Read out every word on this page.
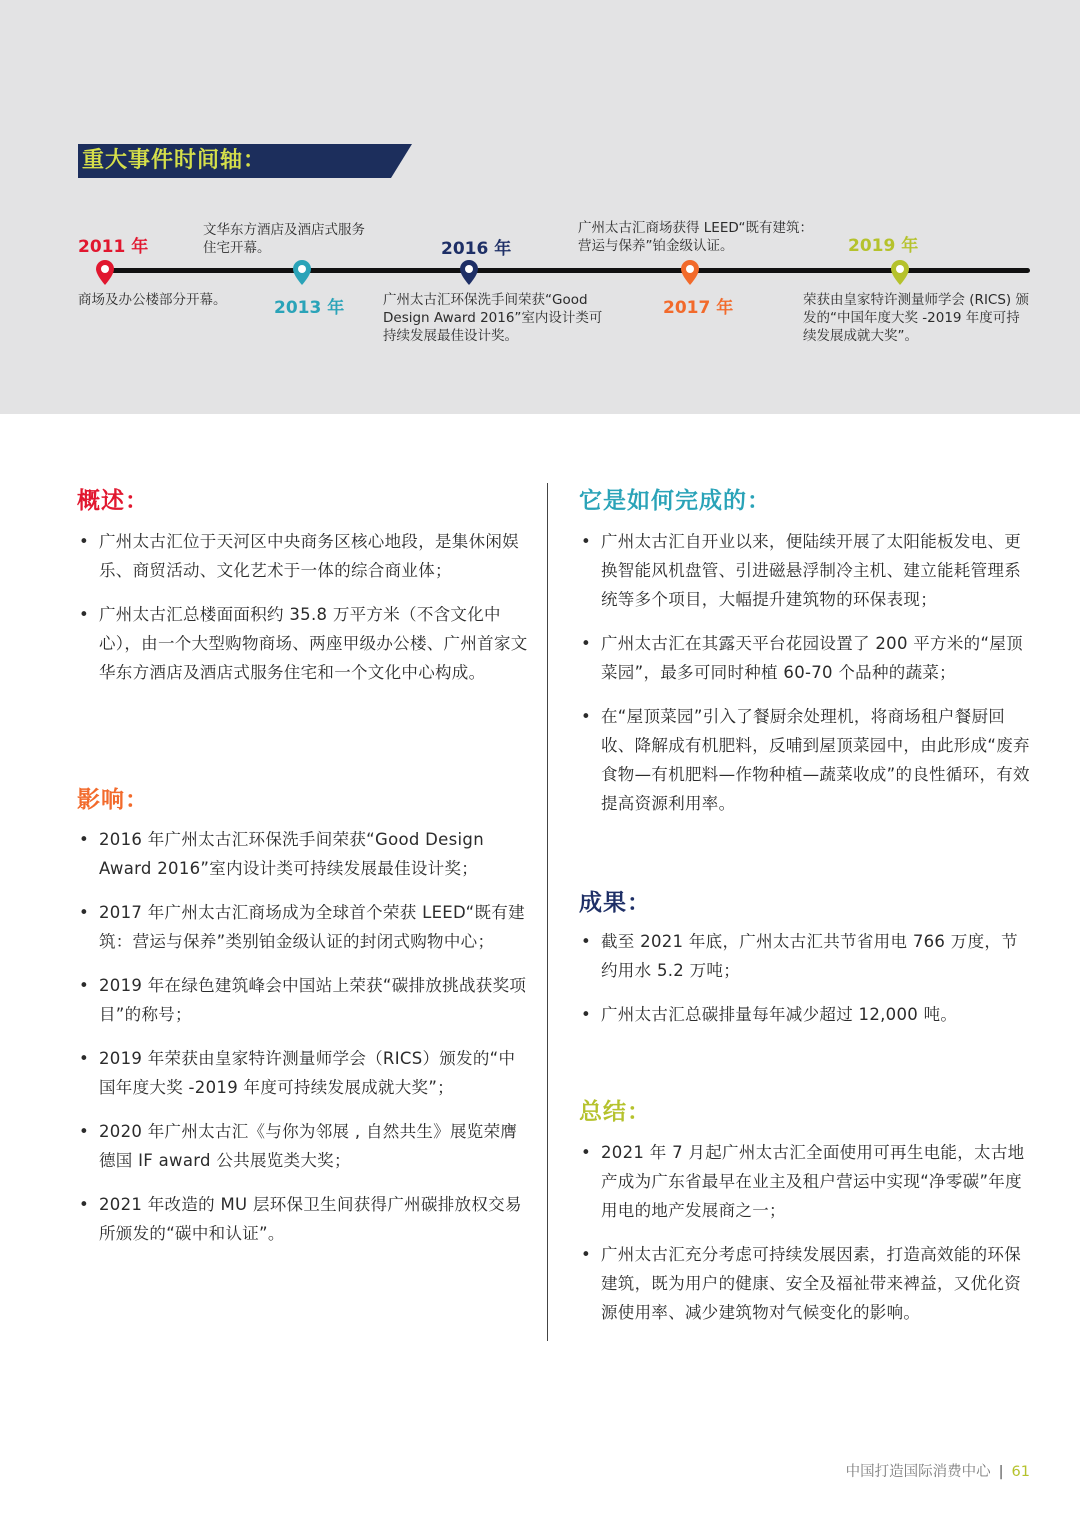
重大事件时间轴：
2011 年
商场及办公楼部分开幕。
文华东方酒店及酒店式服务住宅开幕。
2013 年
2016 年
广州太古汇环保洗手间荣获“Good Design Award 2016”室内设计类可持续发展最佳设计奖。
广州太古汇商场获得 LEED“既有建筑：营运与保养”铂金级认证。
2017 年
2019 年
荣获由皇家特许测量师学会 (RICS) 颁发的“中国年度大奖 -2019 年度可持续发展成就大奖”。
概述：
• 广州太古汇位于天河区中央商务区核心地段，是集休闲娱乐、商贸活动、文化艺术于一体的综合商业体；
• 广州太古汇总楼面面积约 35.8 万平方米（不含文化中心），由一个大型购物商场、两座甲级办公楼、广州首家文华东方酒店及酒店式服务住宅和一个文化中心构成。
影响：
• 2016 年广州太古汇环保洗手间荣获“Good Design Award 2016”室内设计类可持续发展最佳设计奖；
• 2017 年广州太古汇商场成为全球首个荣获 LEED“既有建筑：营运与保养”类别铂金级认证的封闭式购物中心；
• 2019 年在绿色建筑峰会中国站上荣获“碳排放挑战获奖项目”的称号；
• 2019 年荣获由皇家特许测量师学会（RICS）颁发的“中国年度大奖 -2019 年度可持续发展成就大奖”；
• 2020 年广州太古汇《与你为邻展 , 自然共生》展览荣膺德国 IF award 公共展览类大奖；
• 2021 年改造的 MU 层环保卫生间获得广州碳排放权交易所颁发的“碳中和认证”。
它是如何完成的：
• 广州太古汇自开业以来，便陆续开展了太阳能板发电、更换智能风机盘管、引进磁悬浮制冷主机、建立能耗管理系统等多个项目，大幅提升建筑物的环保表现；
• 广州太古汇在其露天平台花园设置了 200 平方米的“屋顶菜园”，最多可同时种植 60-70 个品种的蔬菜；
• 在“屋顶菜园”引入了餐厨余处理机，将商场租户餐厨回收、降解成有机肥料，反哺到屋顶菜园中，由此形成“废弃食物—有机肥料—作物种植—蔬菜收成”的良性循环，有效提高资源利用率。
成果：
• 截至 2021 年底，广州太古汇共节省用电 766 万度，节约用水 5.2 万吨；
• 广州太古汇总碳排量每年减少超过 12,000 吨。
总结：
• 2021 年 7 月起广州太古汇全面使用可再生电能，太古地产成为广东省最早在业主及租户营运中实现“净零碳”年度用电的地产发展商之一；
• 广州太古汇充分考虑可持续发展因素，打造高效能的环保建筑，既为用户的健康、安全及福祉带来裨益，又优化资源使用率、减少建筑物对气候变化的影响。
中国打造国际消费中心 | 61
